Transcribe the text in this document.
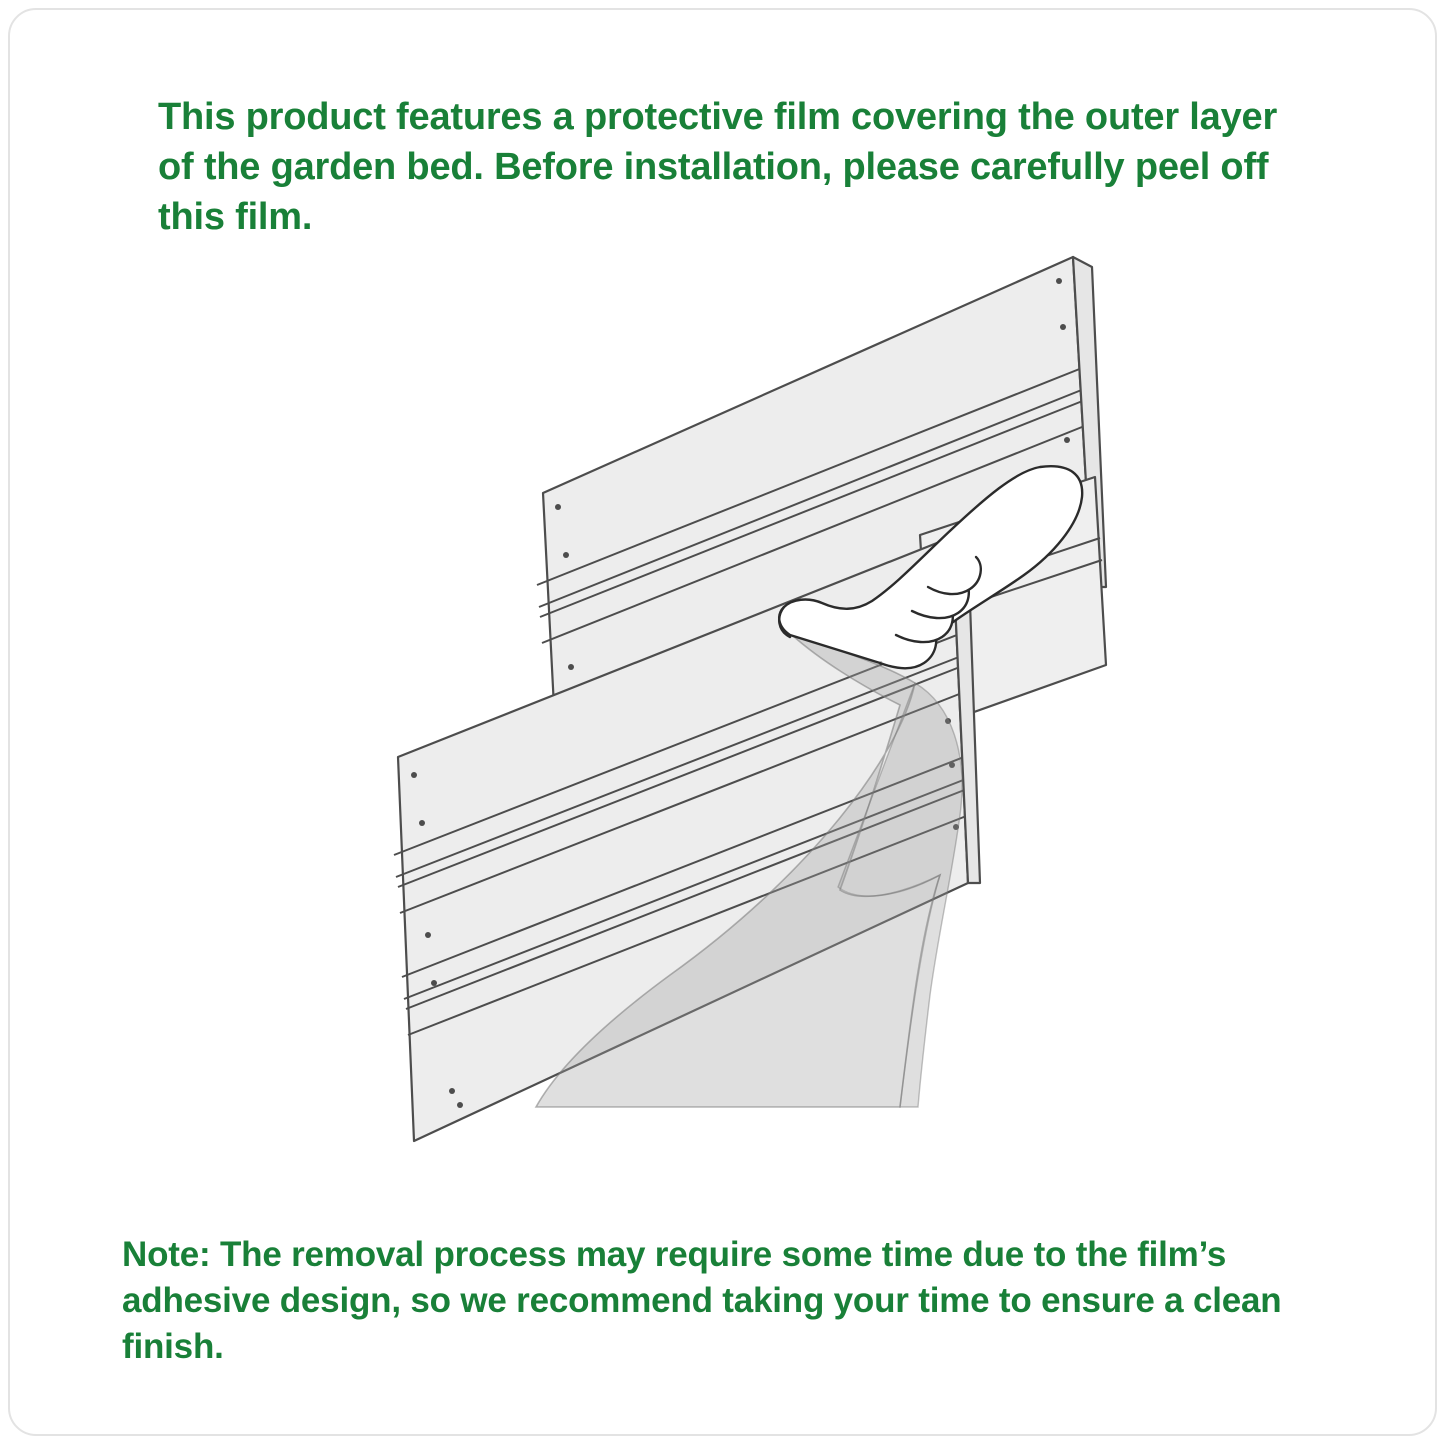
This product features a protective film covering the outer layer of the garden bed. Before installation, please carefully peel off this film.
Note: The removal process may require some time due to the film’s adhesive design, so we recommend taking your time to ensure a clean finish.
